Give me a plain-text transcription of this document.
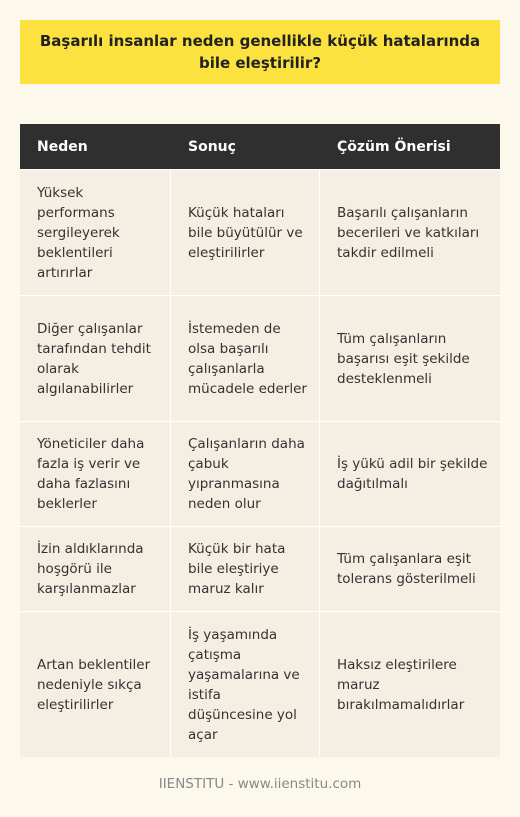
Başarılı insanlar neden genellikle küçük hatalarında bile eleştirilir?
Neden	Sonuç	Çözüm Önerisi
Yüksek performans sergileyerek beklentileri artırırlar
Küçük hataları bile büyütülür ve eleştirilirler
Başarılı çalışanların becerileri ve katkıları takdir edilmeli
Diğer çalışanlar tarafından tehdit olarak algılanabilirler
İstemeden de olsa başarılı çalışanlarla mücadele ederler
Tüm çalışanların başarısı eşit şekilde desteklenmeli
Yöneticiler daha fazla iş verir ve daha fazlasını beklerler
Çalışanların daha çabuk yıpranmasına neden olur
İş yükü adil bir şekilde dağıtılmalı
İzin aldıklarında hoşgörü ile karşılanmazlar
Küçük bir hata bile eleştiriye maruz kalır
Tüm çalışanlara eşit tolerans gösterilmeli
Artan beklentiler nedeniyle sıkça eleştirilirler
İş yaşamında çatışma yaşamalarına ve istifa düşüncesine yol açar
Haksız eleştirilere maruz bırakılmamalıdırlar
IIENSTITU - www.iienstitu.com
